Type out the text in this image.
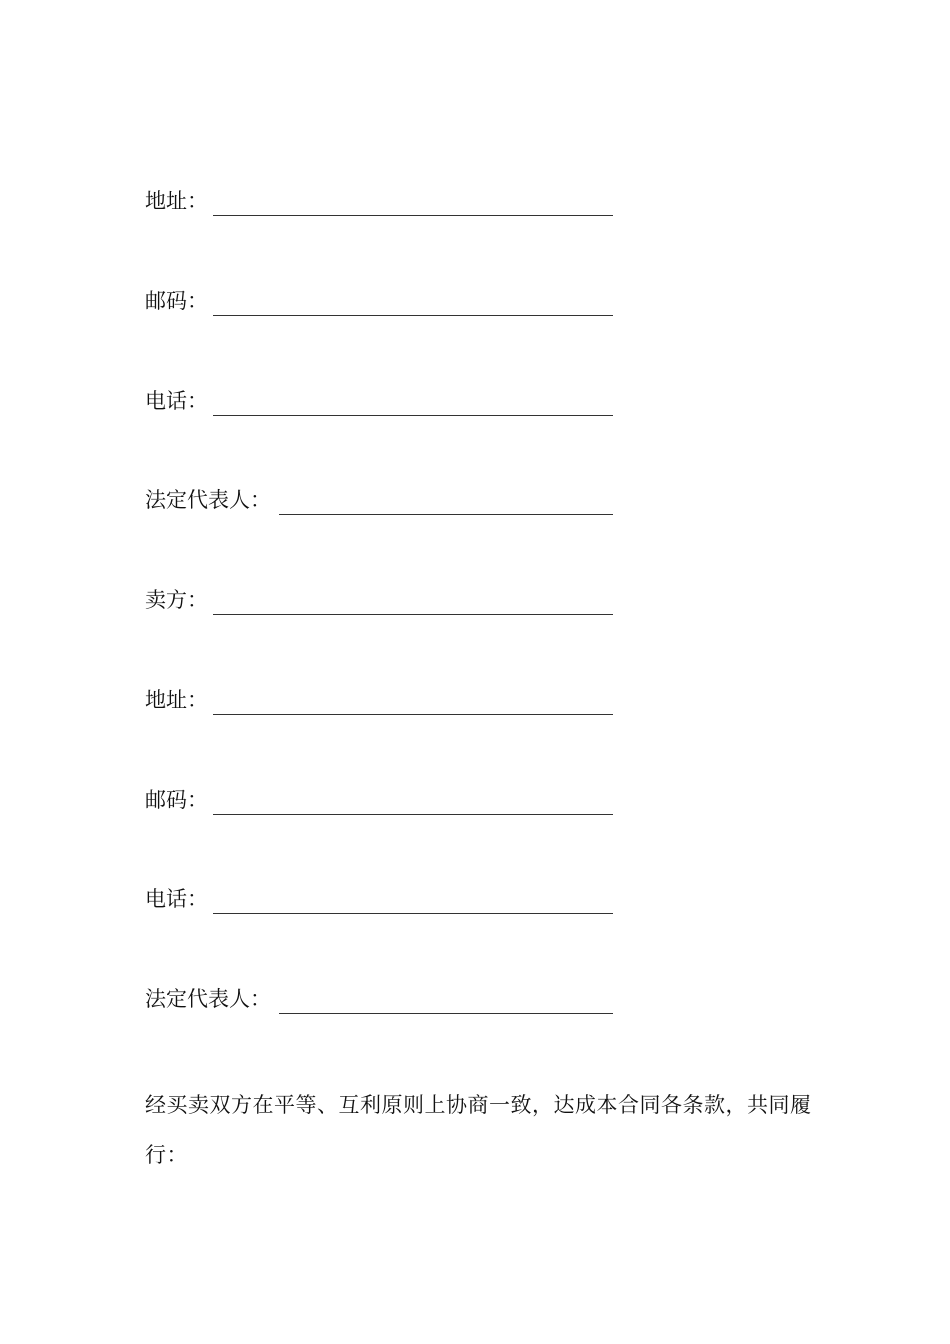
地址：
邮码：
电话：
法定代表人：
卖方：
地址：
邮码：
电话：
法定代表人：
经买卖双方在平等、互利原则上协商一致，达成本合同各条款，共同履行：
